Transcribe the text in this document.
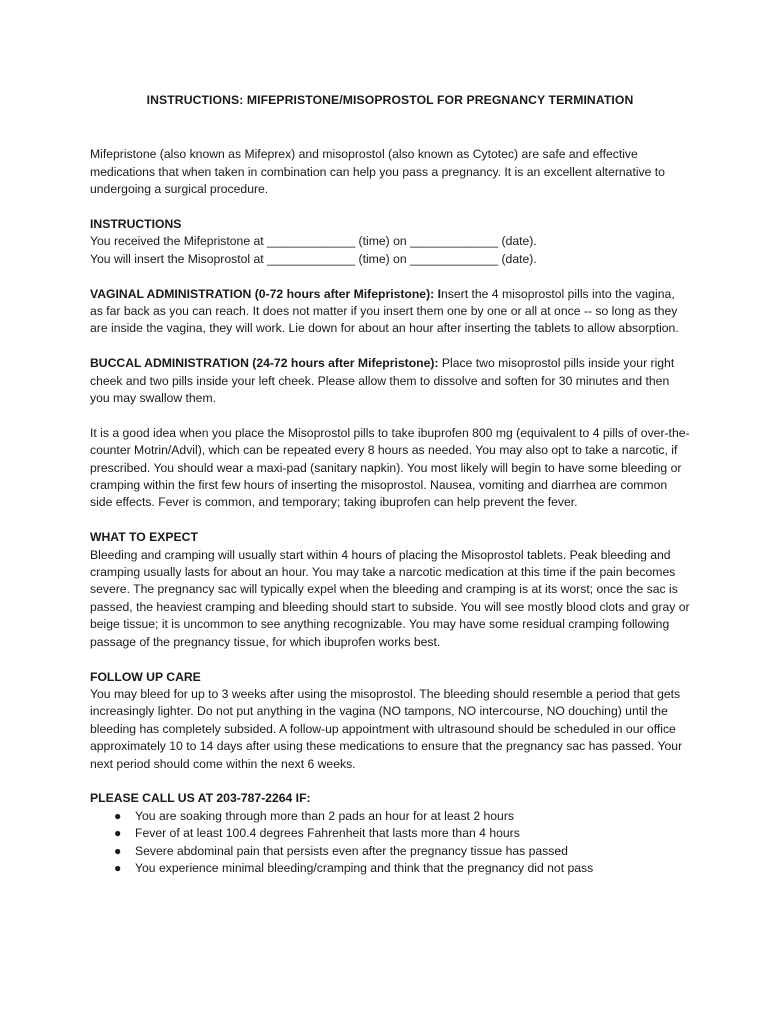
INSTRUCTIONS: MIFEPRISTONE/MISOPROSTOL FOR PREGNANCY TERMINATION

Mifepristone (also known as Mifeprex) and misoprostol (also known as Cytotec) are safe and effective medications that when taken in combination can help you pass a pregnancy. It is an excellent alternative to undergoing a surgical procedure.

INSTRUCTIONS
You received the Mifepristone at _____________ (time) on _____________ (date).
You will insert the Misoprostol at _____________ (time) on _____________ (date).

VAGINAL ADMINISTRATION (0-72 hours after Mifepristone): Insert the 4 misoprostol pills into the vagina, as far back as you can reach. It does not matter if you insert them one by one or all at once -- so long as they are inside the vagina, they will work. Lie down for about an hour after inserting the tablets to allow absorption.

BUCCAL ADMINISTRATION (24-72 hours after Mifepristone): Place two misoprostol pills inside your right cheek and two pills inside your left cheek. Please allow them to dissolve and soften for 30 minutes and then you may swallow them.

It is a good idea when you place the Misoprostol pills to take ibuprofen 800 mg (equivalent to 4 pills of over-the-counter Motrin/Advil), which can be repeated every 8 hours as needed. You may also opt to take a narcotic, if prescribed. You should wear a maxi-pad (sanitary napkin). You most likely will begin to have some bleeding or cramping within the first few hours of inserting the misoprostol. Nausea, vomiting and diarrhea are common side effects. Fever is common, and temporary; taking ibuprofen can help prevent the fever.

WHAT TO EXPECT
Bleeding and cramping will usually start within 4 hours of placing the Misoprostol tablets. Peak bleeding and cramping usually lasts for about an hour. You may take a narcotic medication at this time if the pain becomes severe. The pregnancy sac will typically expel when the bleeding and cramping is at its worst; once the sac is passed, the heaviest cramping and bleeding should start to subside. You will see mostly blood clots and gray or beige tissue; it is uncommon to see anything recognizable. You may have some residual cramping following passage of the pregnancy tissue, for which ibuprofen works best.

FOLLOW UP CARE
You may bleed for up to 3 weeks after using the misoprostol. The bleeding should resemble a period that gets increasingly lighter. Do not put anything in the vagina (NO tampons, NO intercourse, NO douching) until the bleeding has completely subsided. A follow-up appointment with ultrasound should be scheduled in our office approximately 10 to 14 days after using these medications to ensure that the pregnancy sac has passed. Your next period should come within the next 6 weeks.

PLEASE CALL US AT 203-787-2264 IF:
● You are soaking through more than 2 pads an hour for at least 2 hours
● Fever of at least 100.4 degrees Fahrenheit that lasts more than 4 hours
● Severe abdominal pain that persists even after the pregnancy tissue has passed
● You experience minimal bleeding/cramping and think that the pregnancy did not pass
